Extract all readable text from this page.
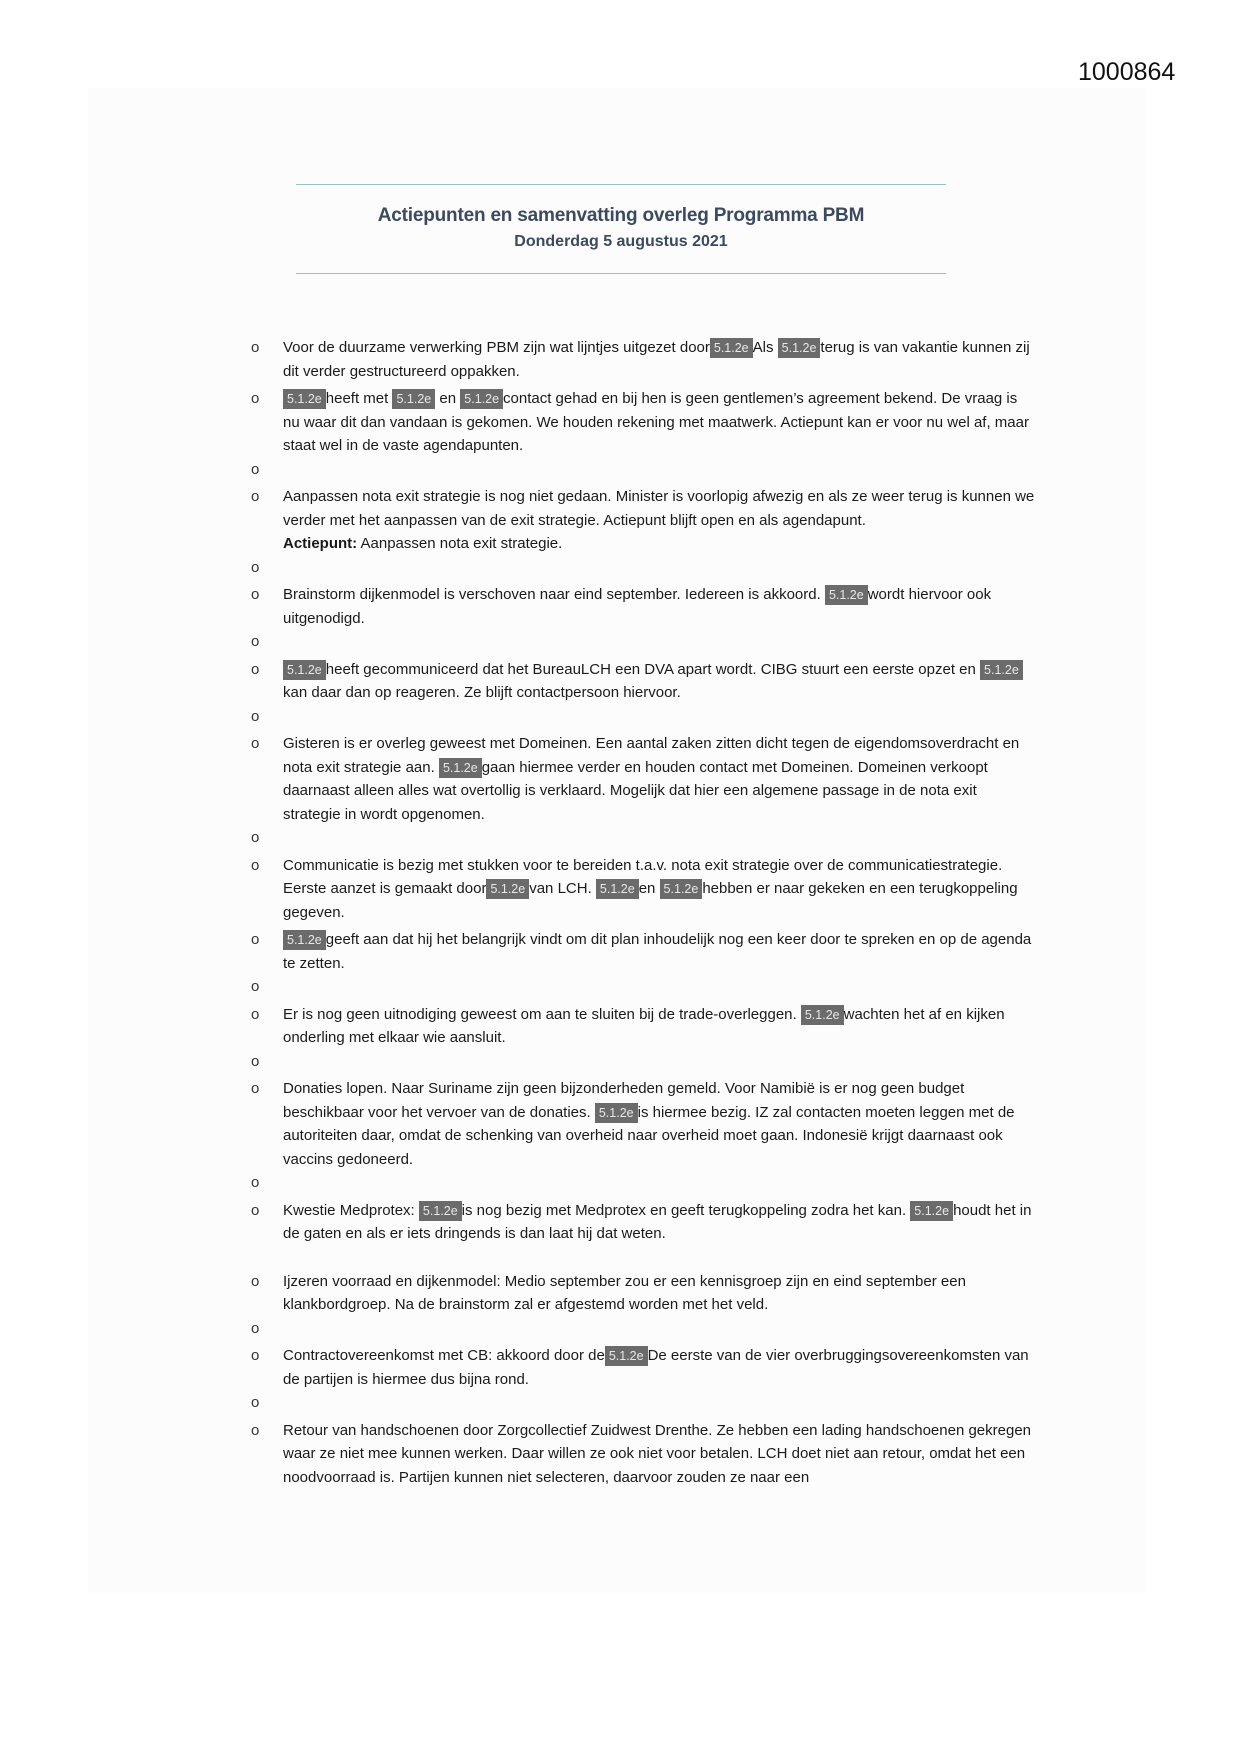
1000864
Actiepunten en samenvatting overleg Programma PBM
Donderdag 5 augustus 2021
o Voor de duurzame verwerking PBM zijn wat lijntjes uitgezet door 5.1.2e Als 5.1.2e terug is van vakantie kunnen zij dit verder gestructureerd oppakken.
o 5.1.2e heeft met 5.1.2e en 5.1.2e contact gehad en bij hen is geen gentlemen’s agreement bekend. De vraag is nu waar dit dan vandaan is gekomen. We houden rekening met maatwerk. Actiepunt kan er voor nu wel af, maar staat wel in de vaste agendapunten.
o

o Aanpassen nota exit strategie is nog niet gedaan. Minister is voorlopig afwezig en als ze weer terug is kunnen we verder met het aanpassen van de exit strategie. Actiepunt blijft open en als agendapunt.
Actiepunt: Aanpassen nota exit strategie.
o

o Brainstorm dijkenmodel is verschoven naar eind september. Iedereen is akkoord. 5.1.2e wordt hiervoor ook uitgenodigd.
o

o 5.1.2e heeft gecommuniceerd dat het BureauLCH een DVA apart wordt. CIBG stuurt een eerste opzet en 5.1.2ekan daar dan op reageren. Ze blijft contactpersoon hiervoor.
o

o Gisteren is er overleg geweest met Domeinen. Een aantal zaken zitten dicht tegen de eigendomsoverdracht en nota exit strategie aan. 5.1.2e gaan hiermee verder en houden contact met Domeinen. Domeinen verkoopt daarnaast alleen alles wat overtollig is verklaard. Mogelijk dat hier een algemene passage in de nota exit strategie in wordt opgenomen.
o

o Communicatie is bezig met stukken voor te bereiden t.a.v. nota exit strategie over de communicatiestrategie. Eerste aanzet is gemaakt door 5.1.2e van LCH. 5.1.2e en 5.1.2e hebben er naar gekeken en een terugkoppeling gegeven.
o 5.1.2e geeft aan dat hij het belangrijk vindt om dit plan inhoudelijk nog een keer door te spreken en op de agenda te zetten.
o

o Er is nog geen uitnodiging geweest om aan te sluiten bij de trade-overleggen. 5.1.2e wachten het af en kijken onderling met elkaar wie aansluit.
o

o Donaties lopen. Naar Suriname zijn geen bijzonderheden gemeld. Voor Namibië is er nog geen budget beschikbaar voor het vervoer van de donaties. 5.1.2e is hiermee bezig. IZ zal contacten moeten leggen met de autoriteiten daar, omdat de schenking van overheid naar overheid moet gaan. Indonesië krijgt daarnaast ook vaccins gedoneerd.
o

o Kwestie Medprotex: 5.1.2e is nog bezig met Medprotex en geeft terugkoppeling zodra het kan. 5.1.2e houdt het in de gaten en als er iets dringends is dan laat hij dat weten.
o Ijzeren voorraad en dijkenmodel: Medio september zou er een kennisgroep zijn en eind september een klankbordgroep. Na de brainstorm zal er afgestemd worden met het veld.
o

o Contractovereenkomst met CB: akkoord door de 5.1.2e De eerste van de vier overbruggingsovereenkomsten van de partijen is hiermee dus bijna rond.
o

o Retour van handschoenen door Zorgcollectief Zuidwest Drenthe. Ze hebben een lading handschoenen gekregen waar ze niet mee kunnen werken. Daar willen ze ook niet voor betalen. LCH doet niet aan retour, omdat het een noodvoorraad is. Partijen kunnen niet selecteren, daarvoor zouden ze naar een
